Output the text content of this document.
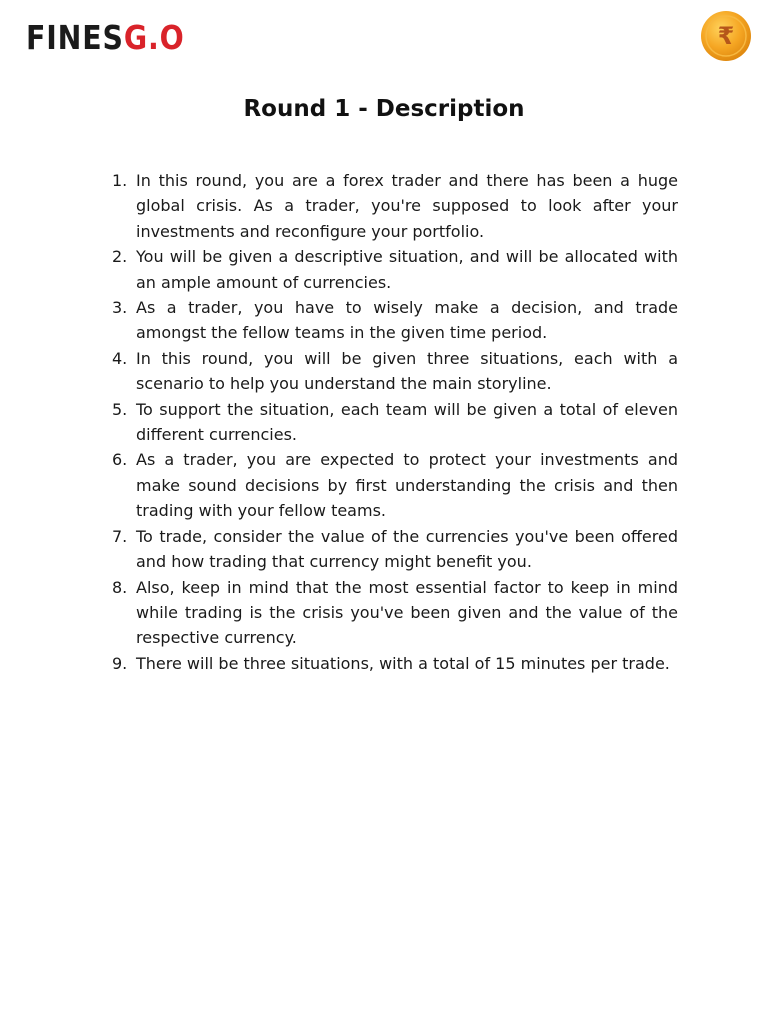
FINESG.O	₹
Round 1 - Description
1. In this round, you are a forex trader and there has been a huge global crisis. As a trader, you're supposed to look after your investments and reconfigure your portfolio.
2. You will be given a descriptive situation, and will be allocated with an ample amount of currencies.
3. As a trader, you have to wisely make a decision, and trade amongst the fellow teams in the given time period.
4. In this round, you will be given three situations, each with a scenario to help you understand the main storyline.
5. To support the situation, each team will be given a total of eleven different currencies.
6. As a trader, you are expected to protect your investments and make sound decisions by first understanding the crisis and then trading with your fellow teams.
7. To trade, consider the value of the currencies you've been offered and how trading that currency might benefit you.
8. Also, keep in mind that the most essential factor to keep in mind while trading is the crisis you've been given and the value of the respective currency.
9. There will be three situations, with a total of 15 minutes per trade.
